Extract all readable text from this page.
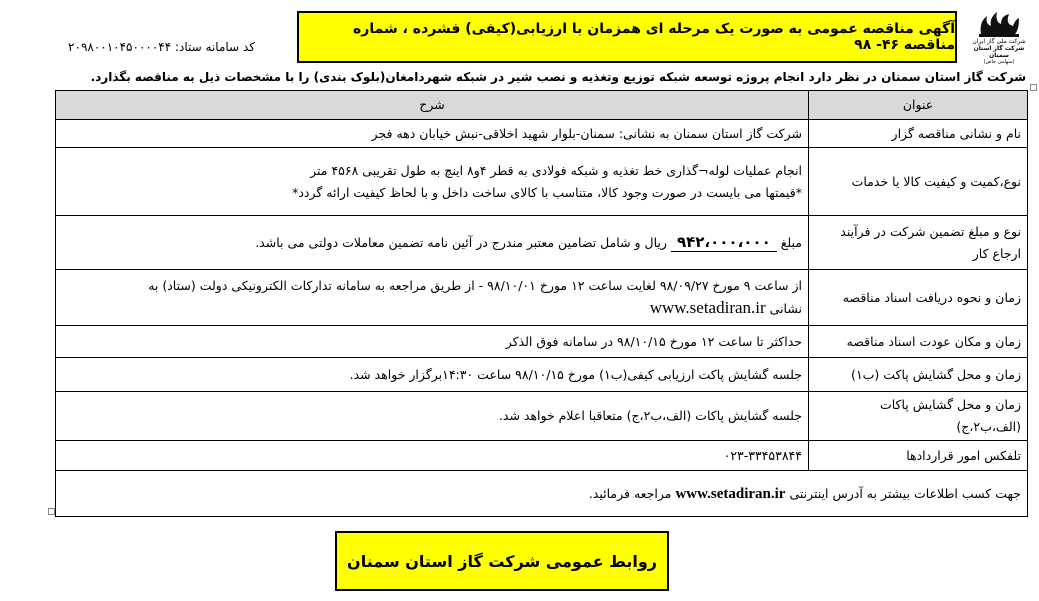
شرکت ملی گاز ایران
شرکت گاز استان سمنان
(سهامی خاص)
آگهی مناقصه عمومی به صورت یک مرحله ای همزمان با ارزیابی(کیفی) فشرده ، شماره مناقصه ۴۶- ۹۸
کد سامانه ستاد: ۲۰۹۸۰۰۱۰۴۵۰۰۰۰۴۴
شرکت گاز استان سمنان در نظر دارد انجام پروژه توسعه شبکه توزیع وتغذیه و نصب شیر در شبکه شهردامغان(بلوک بندی) را با مشخصات ذیل به مناقصه بگذارد.
عنوان	شرح
نام و نشانی مناقصه گزار	شرکت گاز استان سمنان به نشانی: سمنان-بلوار شهید اخلاقی-نبش خیابان دهه فجر
نوع،کمیت و کیفیت کالا یا خدمات	انجام عملیات لوله¬گذاری خط تغذیه و شبکه فولادی به قطر ۴و۸ اینچ به طول تقریبی ۴۵۶۸ متر
*قیمتها می بایست در صورت وجود کالا، متناسب با کالای ساخت داخل و با لحاظ کیفیت ارائه گردد*

نوع و مبلغ تضمین شرکت در فرآیند ارجاع کار	مبلغ ۹۴۲،۰۰۰،۰۰۰ ریال و شامل تضامین معتبر مندرج در آئین نامه تضمین معاملات دولتی می باشد.
زمان و نحوه دریافت اسناد مناقصه	از ساعت ۹ مورخ ۹۸/۰۹/۲۷ لغایت ساعت ۱۲ مورخ ۹۸/۱۰/۰۱ - از طریق مراجعه به سامانه تدارکات الکترونیکی دولت (ستاد) به
نشانی www.setadiran.ir

زمان و مکان عودت اسناد مناقصه	حداکثر تا ساعت ۱۲ مورخ ۹۸/۱۰/۱۵ در سامانه فوق الذکر
زمان و محل گشایش پاکت (ب۱)	جلسه گشایش پاکت ارزیابی کیفی(ب۱) مورخ ۹۸/۱۰/۱۵ ساعت ۱۴:۳۰برگزار خواهد شد.
زمان و محل گشایش پاکات (الف،ب۲،ج)	جلسه گشایش پاکات (الف،ب۲،ج) متعاقبا اعلام خواهد شد.
تلفکس امور قراردادها	۰۲۳-۳۳۴۵۳۸۴۴
جهت کسب اطلاعات بیشتر به آدرس اینترنتی www.setadiran.ir مراجعه فرمائید.	
روابط عمومی شرکت گاز استان سمنان
